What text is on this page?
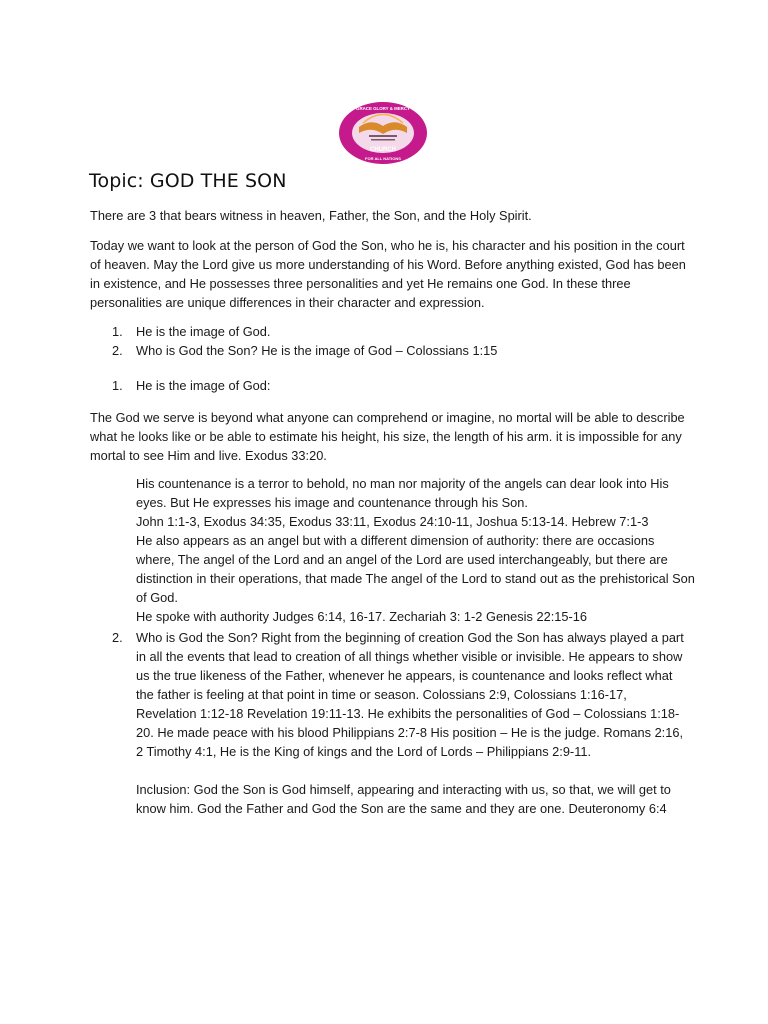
GRACE GLORY & MERCY
CHURCH
FOR ALL NATIONS
Topic: GOD THE SON

There are 3 that bears witness in heaven, Father, the Son, and the Holy Spirit.

Today we want to look at the person of God the Son, who he is, his character and his position in the court of heaven. May the Lord give us more understanding of his Word. Before anything existed, God has been in existence, and He possesses three personalities and yet He remains one God. In these three personalities are unique differences in their character and expression.

1.	He is the image of God.
2.	Who is God the Son? He is the image of God – Colossians 1:15
1.	He is the image of God:

The God we serve is beyond what anyone can comprehend or imagine, no mortal will be able to describe what he looks like or be able to estimate his height, his size, the length of his arm. it is impossible for any mortal to see Him and live. Exodus 33:20.

His countenance is a terror to behold, no man nor majority of the angels can dear look into His eyes. But He expresses his image and countenance through his Son.

John 1:1-3, Exodus 34:35, Exodus 33:11, Exodus 24:10-11, Joshua 5:13-14. Hebrew 7:1-3

He also appears as an angel but with a different dimension of authority: there are occasions where, The angel of the Lord and an angel of the Lord are used interchangeably, but there are distinction in their operations, that made The angel of the Lord to stand out as the prehistorical Son of God.

He spoke with authority Judges 6:14, 16-17. Zechariah 3: 1-2 Genesis 22:15-16

2.	Who is God the Son? Right from the beginning of creation God the Son has always played a part in all the events that lead to creation of all things whether visible or invisible. He appears to show us the true likeness of the Father, whenever he appears, is countenance and looks reflect what the father is feeling at that point in time or season. Colossians 2:9, Colossians 1:16-17, Revelation 1:12-18 Revelation 19:11-13. He exhibits the personalities of God – Colossians 1:18-20. He made peace with his blood Philippians 2:7-8 His position – He is the judge. Romans 2:16, 2 Timothy 4:1, He is the King of kings and the Lord of Lords – Philippians 2:9-11.

Inclusion: God the Son is God himself, appearing and interacting with us, so that, we will get to know him. God the Father and God the Son are the same and they are one. Deuteronomy 6:4
